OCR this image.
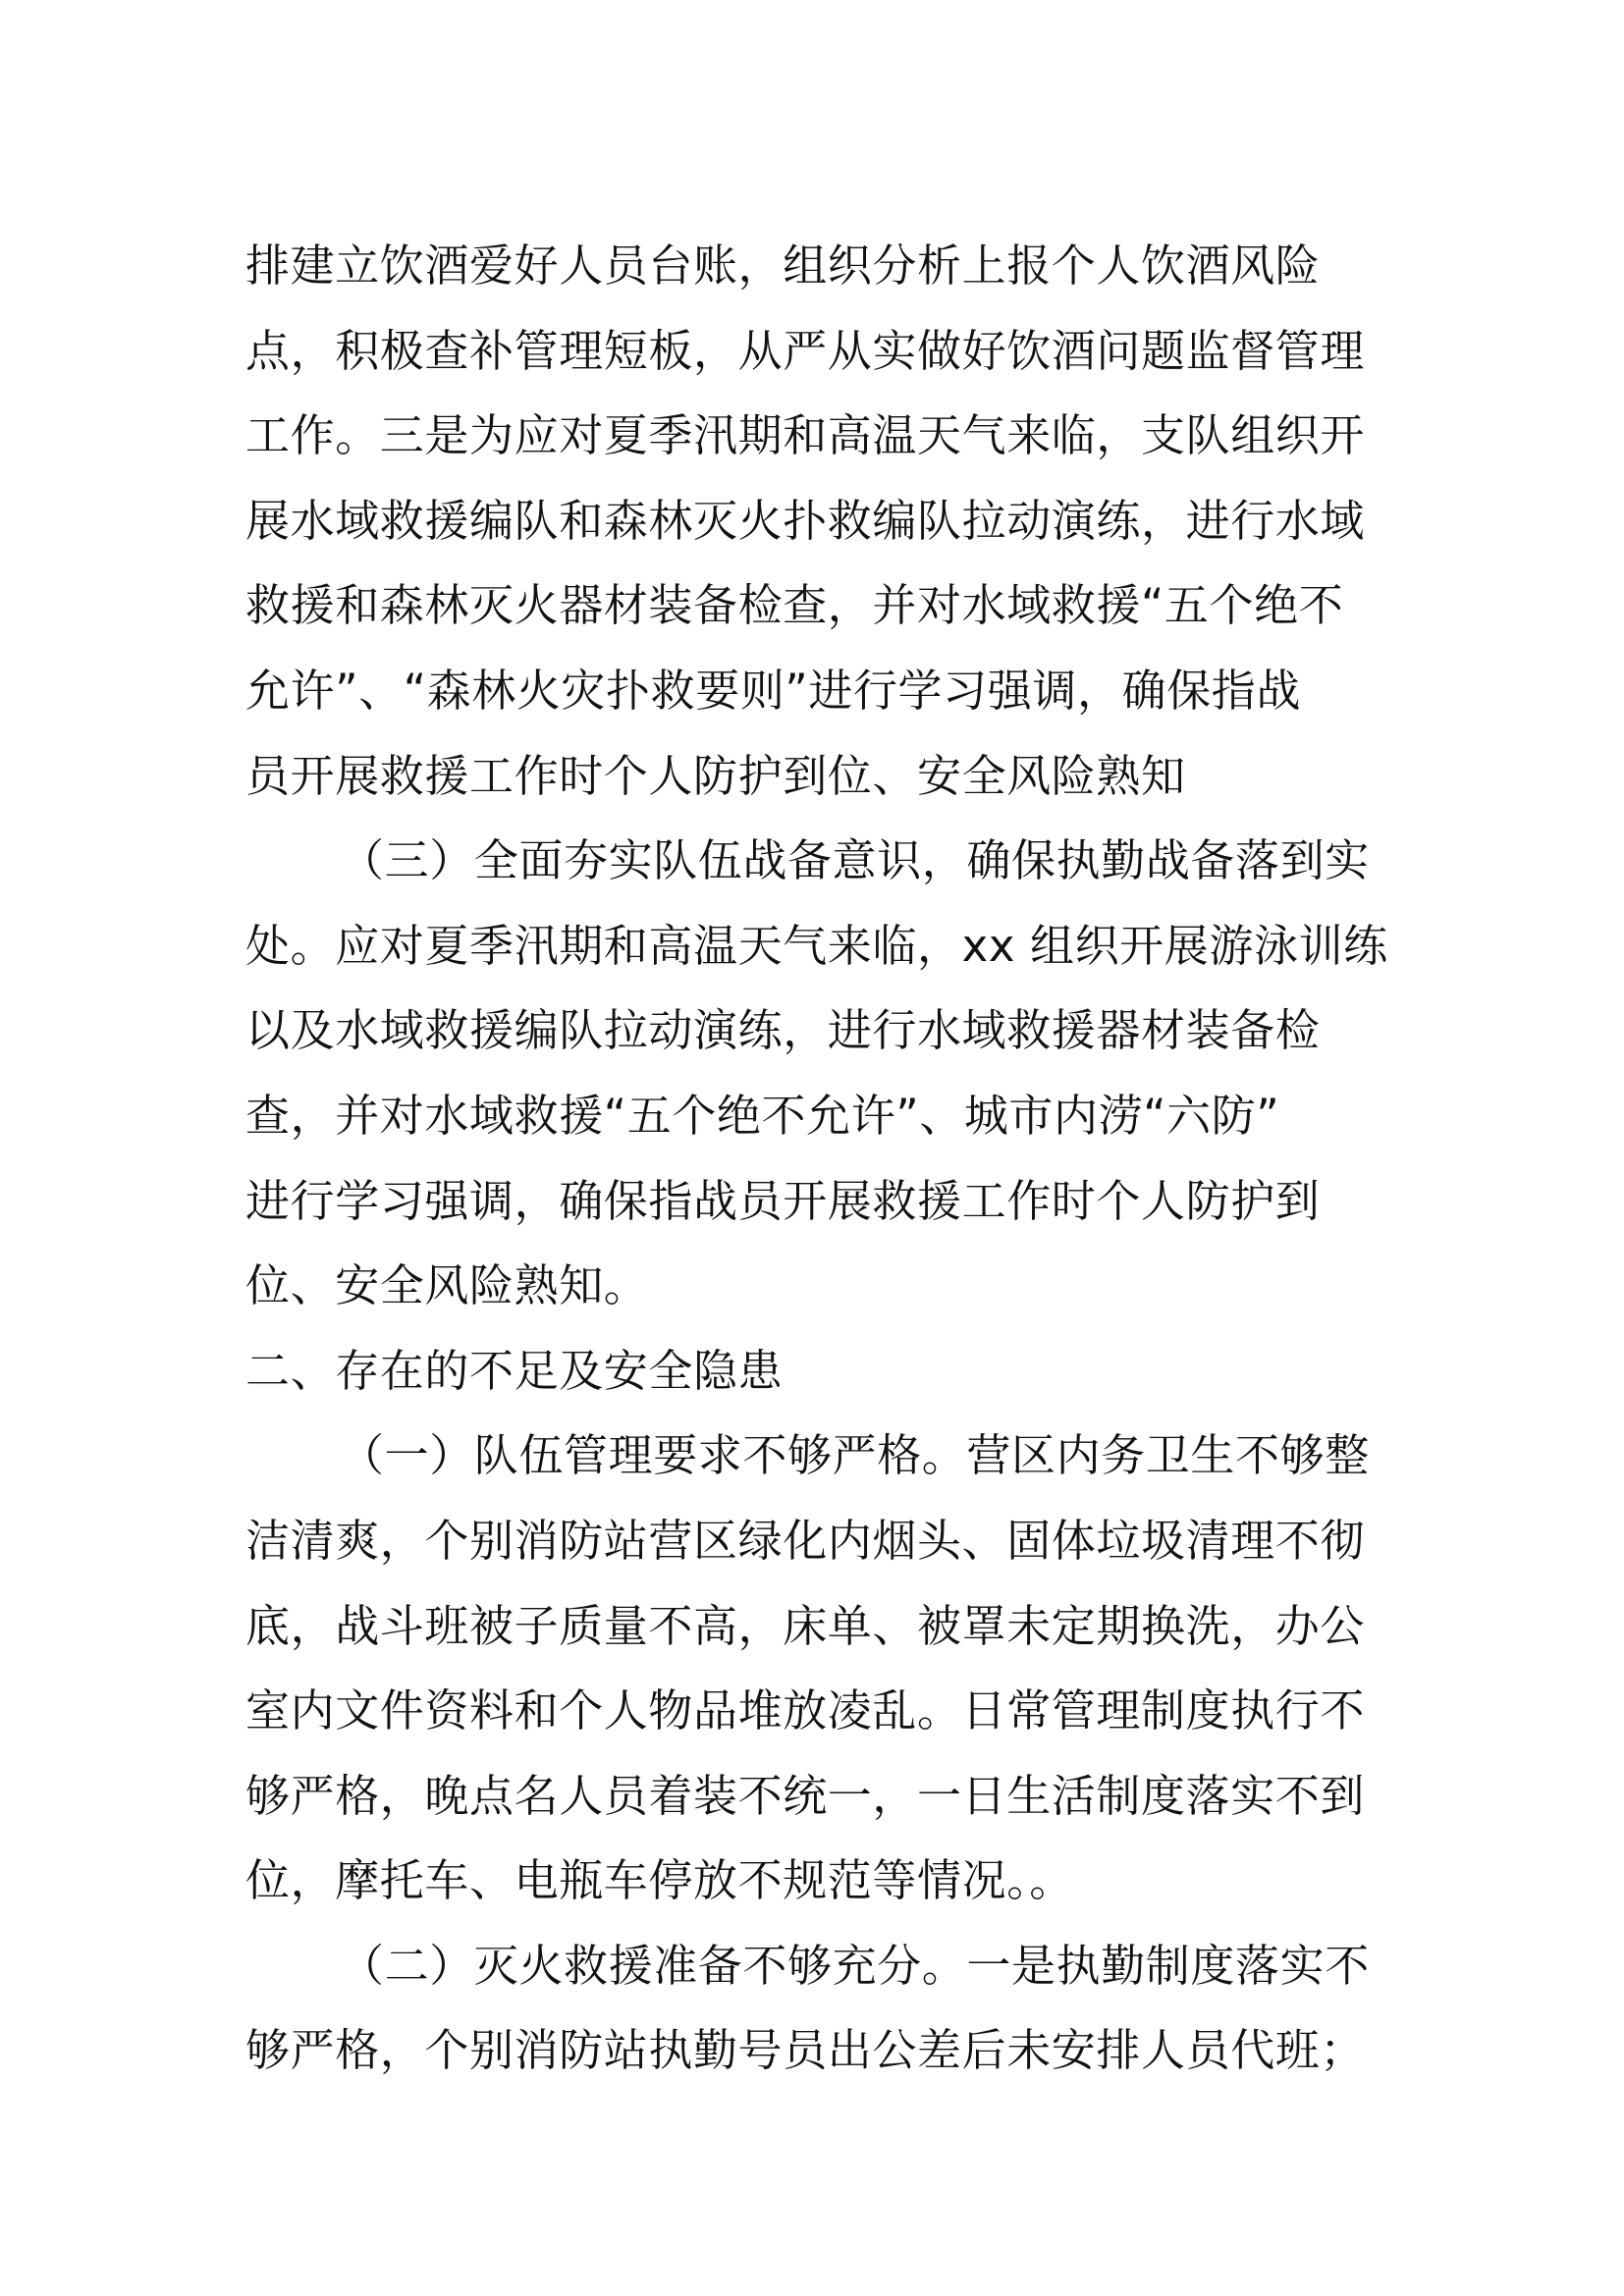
排建立饮酒爱好人员台账，组织分析上报个人饮酒风险
点，积极查补管理短板，从严从实做好饮酒问题监督管理
工作。三是为应对夏季汛期和高温天气来临，支队组织开
展水域救援编队和森林灭火扑救编队拉动演练，进行水域
救援和森林灭火器材装备检查，并对水域救援“五个绝不
允许”、“森林火灾扑救要则”进行学习强调，确保指战
员开展救援工作时个人防护到位、安全风险熟知
（三）全面夯实队伍战备意识，确保执勤战备落到实
处。应对夏季汛期和高温天气来临，xx 组织开展游泳训练
以及水域救援编队拉动演练，进行水域救援器材装备检
查，并对水域救援“五个绝不允许”、城市内涝“六防”
进行学习强调，确保指战员开展救援工作时个人防护到
位、安全风险熟知。
二、存在的不足及安全隐患
（一）队伍管理要求不够严格。营区内务卫生不够整
洁清爽，个别消防站营区绿化内烟头、固体垃圾清理不彻
底，战斗班被子质量不高，床单、被罩未定期换洗，办公
室内文件资料和个人物品堆放凌乱。日常管理制度执行不
够严格，晚点名人员着装不统一，一日生活制度落实不到
位，摩托车、电瓶车停放不规范等情况。。
（二）灭火救援准备不够充分。一是执勤制度落实不
够严格，个别消防站执勤号员出公差后未安排人员代班；
